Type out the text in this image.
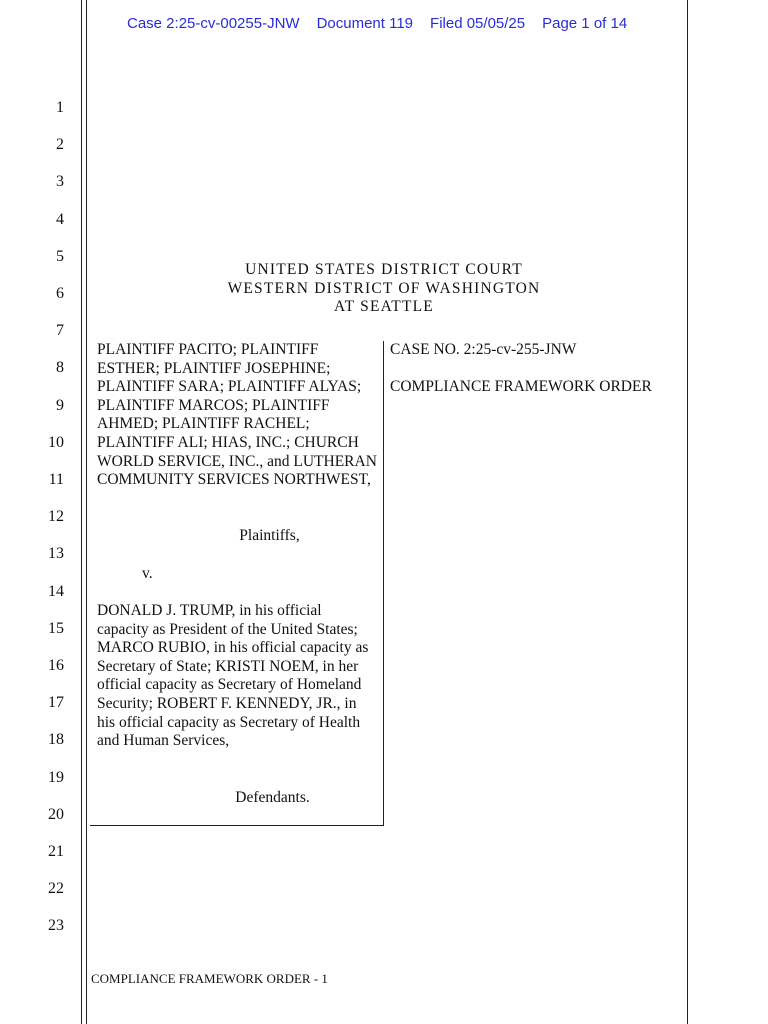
Case 2:25-cv-00255-JNW Document 119 Filed 05/05/25 Page 1 of 14
1
2
3
4
5
6
7
8
9
10
11
12
13
14
15
16
17
18
19
20
21
22
23
UNITED STATES DISTRICT COURT
WESTERN DISTRICT OF WASHINGTON
AT SEATTLE
PLAINTIFF PACITO; PLAINTIFF ESTHER; PLAINTIFF JOSEPHINE; PLAINTIFF SARA; PLAINTIFF ALYAS; PLAINTIFF MARCOS; PLAINTIFF AHMED; PLAINTIFF RACHEL; PLAINTIFF ALI; HIAS, INC.; CHURCH WORLD SERVICE, INC., and LUTHERAN COMMUNITY SERVICES NORTHWEST,
Plaintiffs,
v.
DONALD J. TRUMP, in his official capacity as President of the United States; MARCO RUBIO, in his official capacity as Secretary of State; KRISTI NOEM, in her official capacity as Secretary of Homeland Security; ROBERT F. KENNEDY, JR., in his official capacity as Secretary of Health and Human Services,
Defendants.
CASE NO. 2:25-cv-255-JNW
COMPLIANCE FRAMEWORK ORDER
COMPLIANCE FRAMEWORK ORDER - 1
